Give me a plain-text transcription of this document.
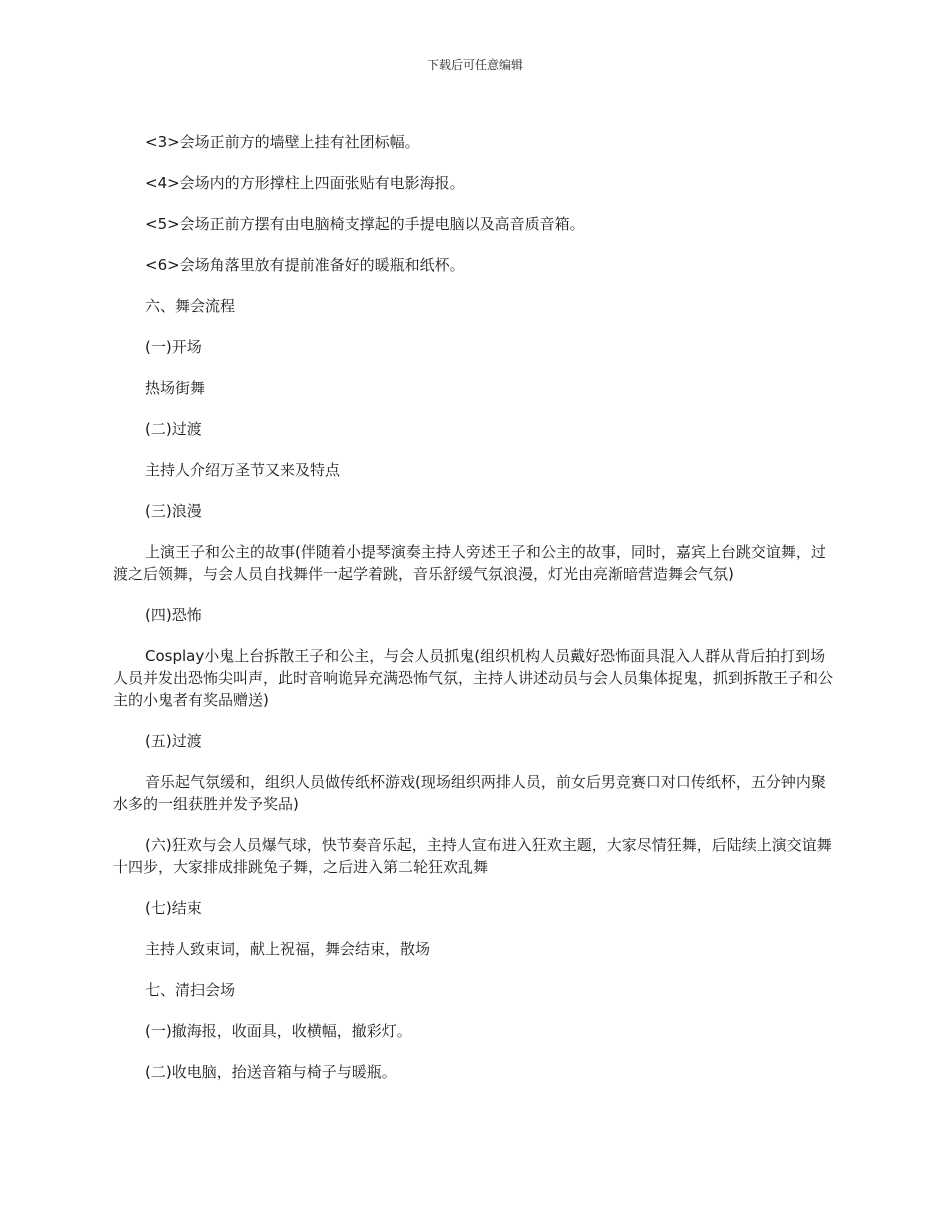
下载后可任意编辑

<3>会场正前方的墙壁上挂有社团标幅。

<4>会场内的方形撑柱上四面张贴有电影海报。

<5>会场正前方摆有由电脑椅支撑起的手提电脑以及高音质音箱。

<6>会场角落里放有提前准备好的暖瓶和纸杯。

六、舞会流程

(一)开场

热场街舞

(二)过渡

主持人介绍万圣节又来及特点

(三)浪漫

上演王子和公主的故事(伴随着小提琴演奏主持人旁述王子和公主的故事，同时，嘉宾上台跳交谊舞，过渡之后领舞，与会人员自找舞伴一起学着跳，音乐舒缓气氛浪漫，灯光由亮渐暗营造舞会气氛)

(四)恐怖

Cosplay小鬼上台拆散王子和公主，与会人员抓鬼(组织机构人员戴好恐怖面具混入人群从背后拍打到场人员并发出恐怖尖叫声，此时音响诡异充满恐怖气氛，主持人讲述动员与会人员集体捉鬼，抓到拆散王子和公主的小鬼者有奖品赠送)

(五)过渡

音乐起气氛缓和，组织人员做传纸杯游戏(现场组织两排人员，前女后男竞赛口对口传纸杯，五分钟内聚水多的一组获胜并发予奖品)

(六)狂欢与会人员爆气球，快节奏音乐起，主持人宣布进入狂欢主题，大家尽情狂舞，后陆续上演交谊舞十四步，大家排成排跳兔子舞，之后进入第二轮狂欢乱舞

(七)结束

主持人致束词，献上祝福，舞会结束，散场

七、清扫会场

(一)撤海报，收面具，收横幅，撤彩灯。

(二)收电脑，抬送音箱与椅子与暖瓶。
